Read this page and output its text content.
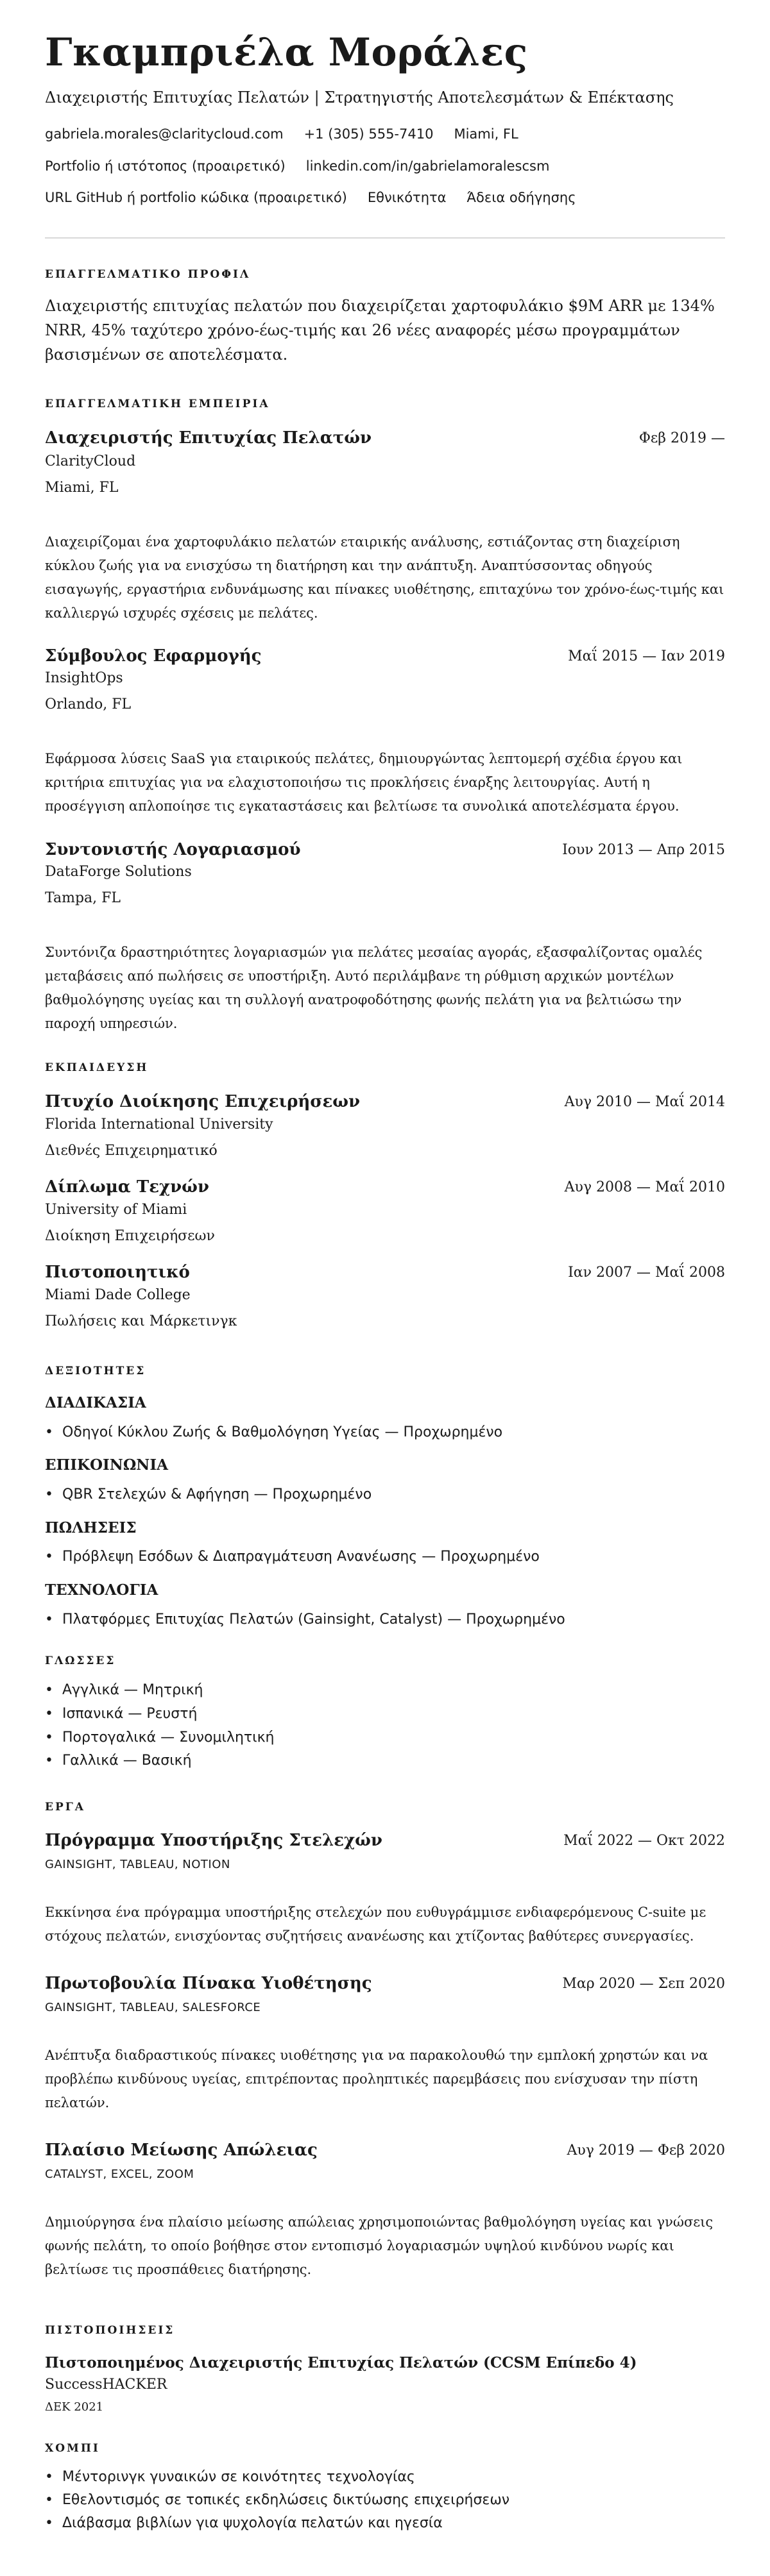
Γκαμπριέλα Μοράλες
Διαχειριστής Επιτυχίας Πελατών | Στρατηγιστής Αποτελεσμάτων & Επέκτασης
gabriela.morales@claritycloud.com +1 (305) 555-7410 Miami, FL
Portfolio ή ιστότοπος (προαιρετικό) linkedin.com/in/gabrielamoralescsm
URL GitHub ή portfolio κώδικα (προαιρετικό) Εθνικότητα Άδεια οδήγησης
ΕΠΑΓΓΕΛΜΑΤΙΚΟ ΠΡΟΦΙΛ

Διαχειριστής επιτυχίας πελατών που διαχειρίζεται χαρτοφυλάκιο $9M ARR με 134% NRR, 45% ταχύτερο χρόνο-έως-τιμής και 26 νέες αναφορές μέσω προγραμμάτων βασισμένων σε αποτελέσματα.

ΕΠΑΓΓΕΛΜΑΤΙΚΗ ΕΜΠΕΙΡΙΑ
Διαχειριστής Επιτυχίας Πελατών	Φεβ 2019 —
ClarityCloud
Miami, FL

Διαχειρίζομαι ένα χαρτοφυλάκιο πελατών εταιρικής ανάλυσης, εστιάζοντας στη διαχείριση κύκλου ζωής για να ενισχύσω τη διατήρηση και την ανάπτυξη. Αναπτύσσοντας οδηγούς εισαγωγής, εργαστήρια ενδυνάμωσης και πίνακες υιοθέτησης, επιταχύνω τον χρόνο-έως-τιμής και καλλιεργώ ισχυρές σχέσεις με πελάτες.

Σύμβουλος Εφαρμογής	Μαΐ 2015 — Ιαν 2019
InsightOps
Orlando, FL

Εφάρμοσα λύσεις SaaS για εταιρικούς πελάτες, δημιουργώντας λεπτομερή σχέδια έργου και κριτήρια επιτυχίας για να ελαχιστοποιήσω τις προκλήσεις έναρξης λειτουργίας. Αυτή η προσέγγιση απλοποίησε τις εγκαταστάσεις και βελτίωσε τα συνολικά αποτελέσματα έργου.

Συντονιστής Λογαριασμού	Ιουν 2013 — Απρ 2015
DataForge Solutions
Tampa, FL

Συντόνιζα δραστηριότητες λογαριασμών για πελάτες μεσαίας αγοράς, εξασφαλίζοντας ομαλές μεταβάσεις από πωλήσεις σε υποστήριξη. Αυτό περιλάμβανε τη ρύθμιση αρχικών μοντέλων βαθμολόγησης υγείας και τη συλλογή ανατροφοδότησης φωνής πελάτη για να βελτιώσω την παροχή υπηρεσιών.

ΕΚΠΑΙΔΕΥΣΗ
Πτυχίο Διοίκησης Επιχειρήσεων	Αυγ 2010 — Μαΐ 2014
Florida International University
Διεθνές Επιχειρηματικό
Δίπλωμα Τεχνών	Αυγ 2008 — Μαΐ 2010
University of Miami
Διοίκηση Επιχειρήσεων
Πιστοποιητικό	Ιαν 2007 — Μαΐ 2008
Miami Dade College
Πωλήσεις και Μάρκετινγκ
ΔΕΞΙΟΤΗΤΕΣ
ΔΙΑΔΙΚΑΣΙΑ
• Οδηγοί Κύκλου Ζωής & Βαθμολόγηση Υγείας — Προχωρημένο
ΕΠΙΚΟΙΝΩΝΙΑ
• QBR Στελεχών & Αφήγηση — Προχωρημένο
ΠΩΛΗΣΕΙΣ
• Πρόβλεψη Εσόδων & Διαπραγμάτευση Ανανέωσης — Προχωρημένο
ΤΕΧΝΟΛΟΓΙΑ
• Πλατφόρμες Επιτυχίας Πελατών (Gainsight, Catalyst) — Προχωρημένο
ΓΛΩΣΣΕΣ
• Αγγλικά — Μητρική
• Ισπανικά — Ρευστή
• Πορτογαλικά — Συνομιλητική
• Γαλλικά — Βασική
ΕΡΓΑ
Πρόγραμμα Υποστήριξης Στελεχών	Μαΐ 2022 — Οκτ 2022
GAINSIGHT, TABLEAU, NOTION

Εκκίνησα ένα πρόγραμμα υποστήριξης στελεχών που ευθυγράμμισε ενδιαφερόμενους C-suite με στόχους πελατών, ενισχύοντας συζητήσεις ανανέωσης και χτίζοντας βαθύτερες συνεργασίες.

Πρωτοβουλία Πίνακα Υιοθέτησης	Μαρ 2020 — Σεπ 2020
GAINSIGHT, TABLEAU, SALESFORCE

Ανέπτυξα διαδραστικούς πίνακες υιοθέτησης για να παρακολουθώ την εμπλοκή χρηστών και να προβλέπω κινδύνους υγείας, επιτρέποντας προληπτικές παρεμβάσεις που ενίσχυσαν την πίστη πελατών.

Πλαίσιο Μείωσης Απώλειας	Αυγ 2019 — Φεβ 2020
CATALYST, EXCEL, ZOOM

Δημιούργησα ένα πλαίσιο μείωσης απώλειας χρησιμοποιώντας βαθμολόγηση υγείας και γνώσεις φωνής πελάτη, το οποίο βοήθησε στον εντοπισμό λογαριασμών υψηλού κινδύνου νωρίς και βελτίωσε τις προσπάθειες διατήρησης.

ΠΙΣΤΟΠΟΙΗΣΕΙΣ
Πιστοποιημένος Διαχειριστής Επιτυχίας Πελατών (CCSM Επίπεδο 4)
SuccessHACKER
ΔΕΚ 2021
ΧΟΜΠΙ
• Μέντορινγκ γυναικών σε κοινότητες τεχνολογίας
• Εθελοντισμός σε τοπικές εκδηλώσεις δικτύωσης επιχειρήσεων
• Διάβασμα βιβλίων για ψυχολογία πελατών και ηγεσία
